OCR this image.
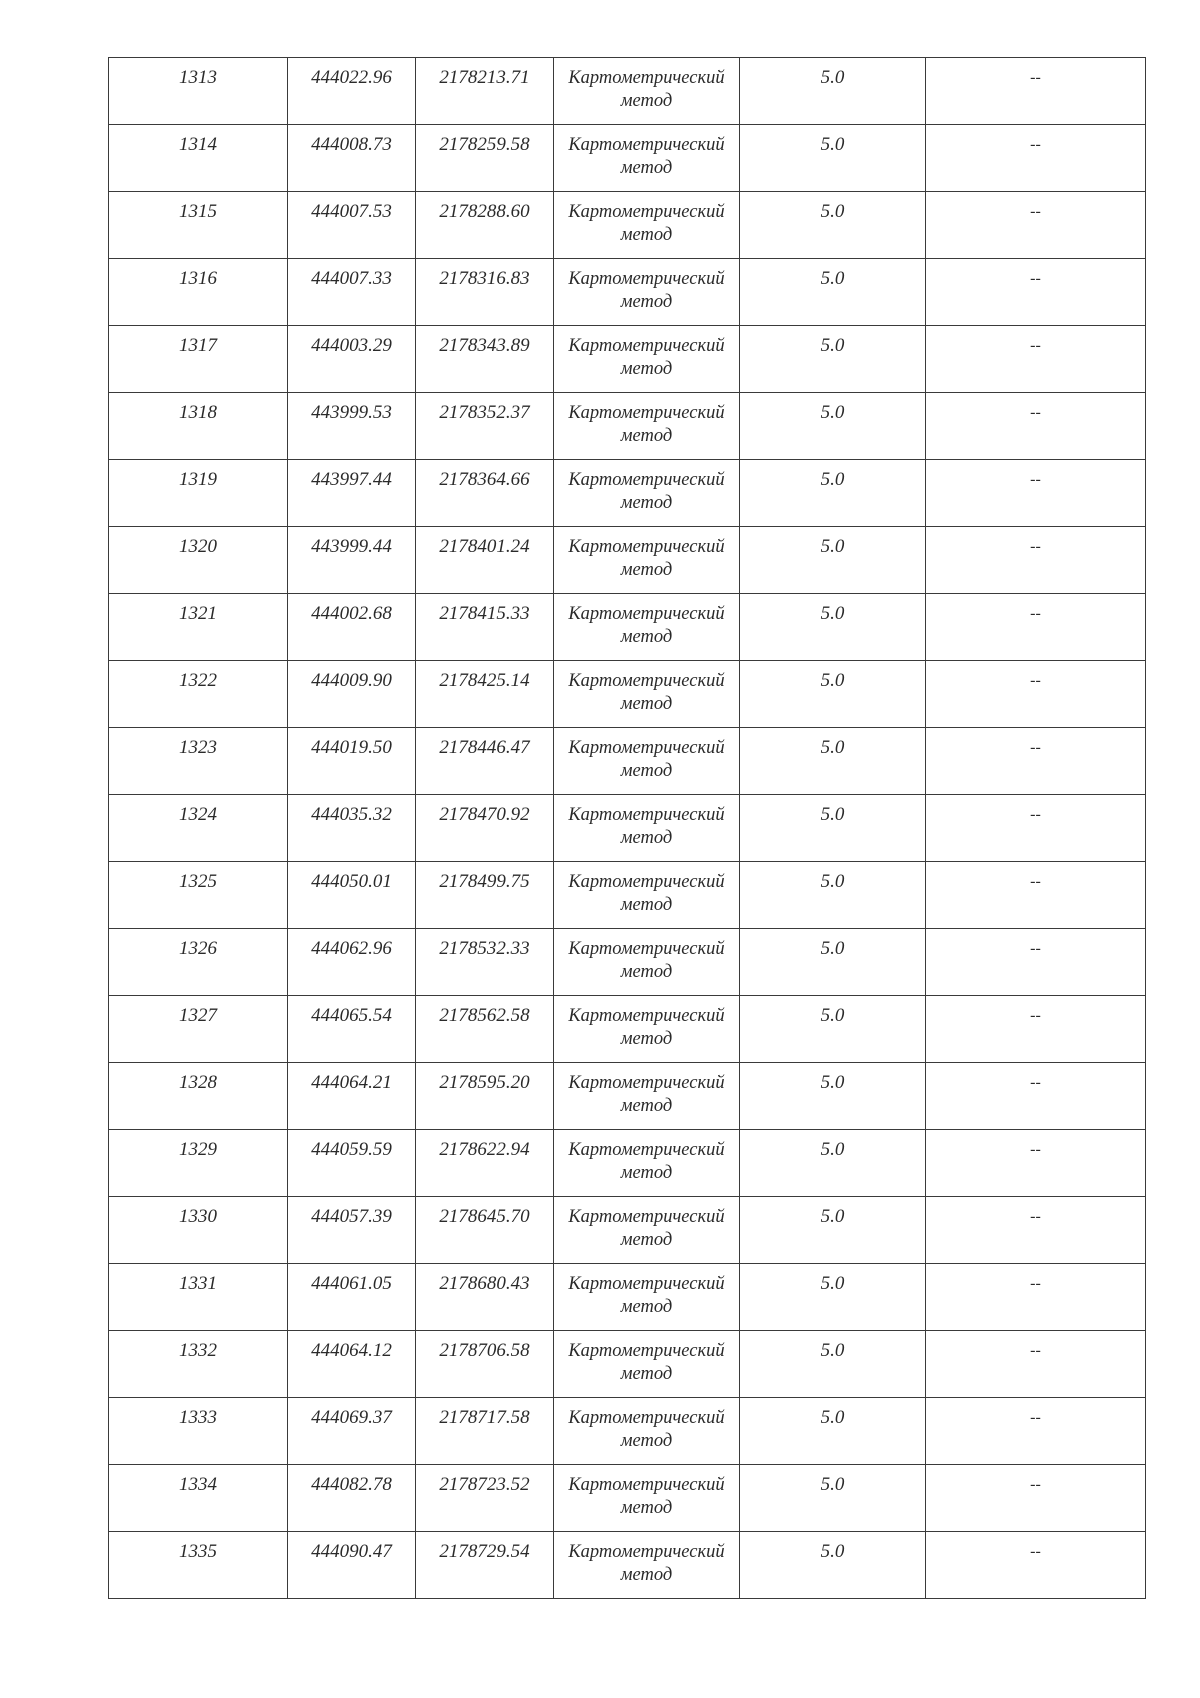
1313	444022.96	2178213.71	Картометрический
метод	5.0	--

1314	444008.73	2178259.58	Картометрический
метод	5.0	--

1315	444007.53	2178288.60	Картометрический
метод	5.0	--

1316	444007.33	2178316.83	Картометрический
метод	5.0	--

1317	444003.29	2178343.89	Картометрический
метод	5.0	--

1318	443999.53	2178352.37	Картометрический
метод	5.0	--

1319	443997.44	2178364.66	Картометрический
метод	5.0	--

1320	443999.44	2178401.24	Картометрический
метод	5.0	--

1321	444002.68	2178415.33	Картометрический
метод	5.0	--

1322	444009.90	2178425.14	Картометрический
метод	5.0	--

1323	444019.50	2178446.47	Картометрический
метод	5.0	--

1324	444035.32	2178470.92	Картометрический
метод	5.0	--

1325	444050.01	2178499.75	Картометрический
метод	5.0	--

1326	444062.96	2178532.33	Картометрический
метод	5.0	--

1327	444065.54	2178562.58	Картометрический
метод	5.0	--

1328	444064.21	2178595.20	Картометрический
метод	5.0	--

1329	444059.59	2178622.94	Картометрический
метод	5.0	--

1330	444057.39	2178645.70	Картометрический
метод	5.0	--

1331	444061.05	2178680.43	Картометрический
метод	5.0	--

1332	444064.12	2178706.58	Картометрический
метод	5.0	--

1333	444069.37	2178717.58	Картометрический
метод	5.0	--

1334	444082.78	2178723.52	Картометрический
метод	5.0	--

1335	444090.47	2178729.54	Картометрический
метод	5.0	--
